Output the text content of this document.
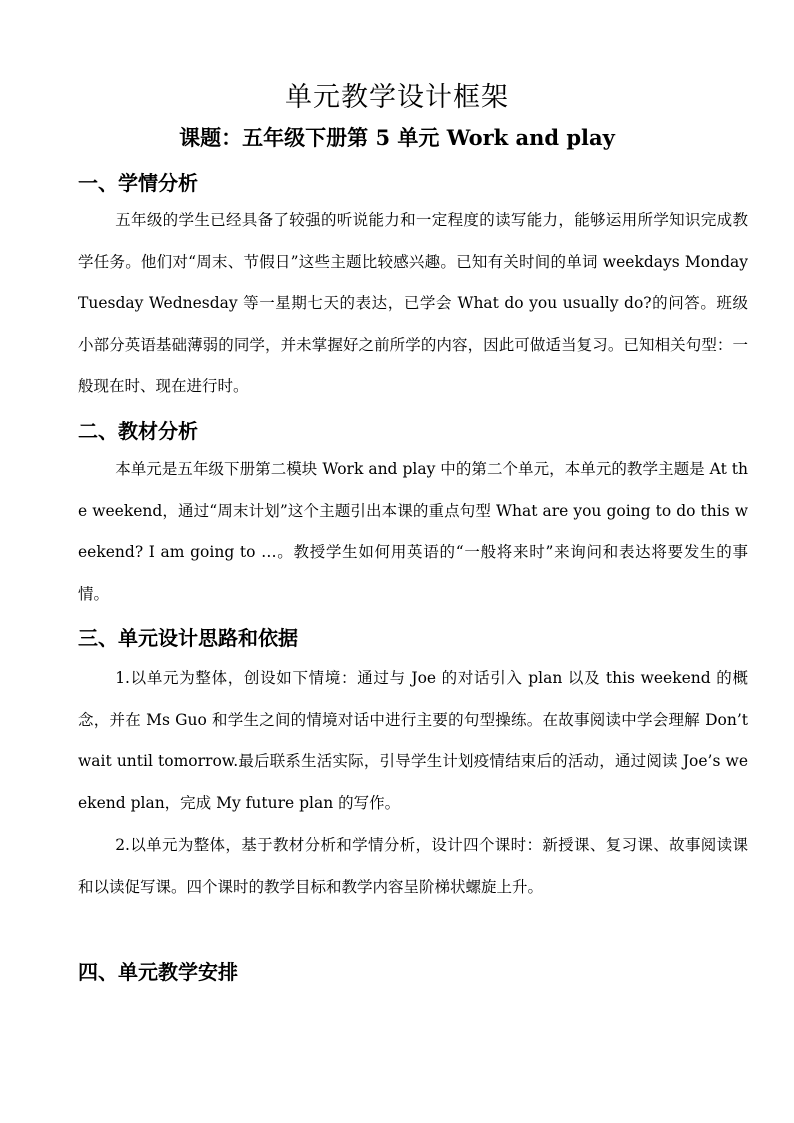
单元教学设计框架
课题：五年级下册第 5 单元 Work and play
一、学情分析

五年级的学生已经具备了较强的听说能力和一定程度的读写能力，能够运用所学知识完成教学任务。他们对“周末、节假日”这些主题比较感兴趣。已知有关时间的单词 weekdays Monday Tuesday Wednesday 等一星期七天的表达，已学会 What do you usually do?的问答。班级小部分英语基础薄弱的同学，并未掌握好之前所学的内容，因此可做适当复习。已知相关句型：一般现在时、现在进行时。

二、教材分析

本单元是五年级下册第二模块 Work and play 中的第二个单元，本单元的教学主题是 At the weekend，通过“周末计划”这个主题引出本课的重点句型 What are you going to do this weekend? I am going to …。教授学生如何用英语的“一般将来时”来询问和表达将要发生的事情。

三、单元设计思路和依据

1.以单元为整体，创设如下情境：通过与 Joe 的对话引入 plan 以及 this weekend 的概念，并在 Ms Guo 和学生之间的情境对话中进行主要的句型操练。在故事阅读中学会理解 Don’t wait until tomorrow.最后联系生活实际，引导学生计划疫情结束后的活动，通过阅读 Joe’s weekend plan，完成 My future plan 的写作。

2.以单元为整体，基于教材分析和学情分析，设计四个课时：新授课、复习课、故事阅读课和以读促写课。四个课时的教学目标和教学内容呈阶梯状螺旋上升。

四、单元教学安排
